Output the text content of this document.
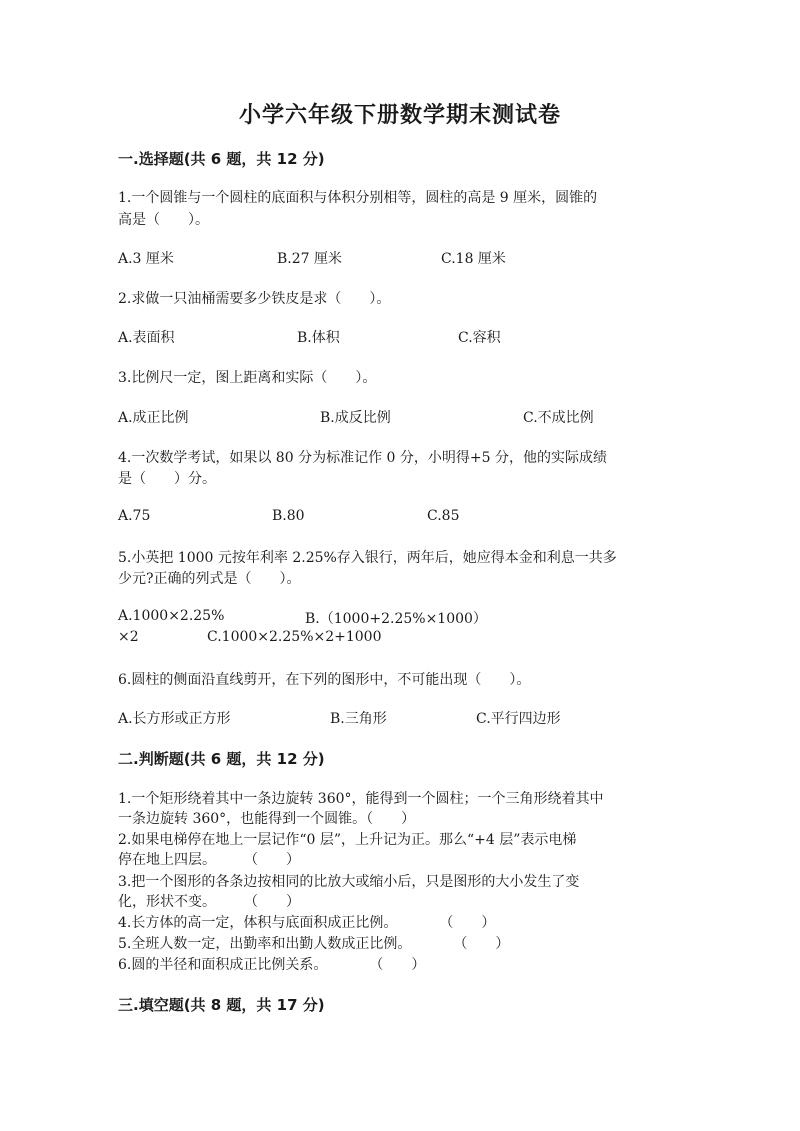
小学六年级下册数学期末测试卷
一.选择题(共 6 题，共 12 分)
1.一个圆锥与一个圆柱的底面积与体积分别相等，圆柱的高是 9 厘米，圆锥的
高是（　　）。
A.3 厘米	B.27 厘米	C.18 厘米
2.求做一只油桶需要多少铁皮是求（　　）。
A.表面积	B.体积	C.容积
3.比例尺一定，图上距离和实际（　　）。
A.成正比例	B.成反比例	C.不成比例
4.一次数学考试，如果以 80 分为标准记作 0 分，小明得+5 分，他的实际成绩
是（　　）分。
A.75	B.80	C.85
5.小英把 1000 元按年利率 2.25%存入银行，两年后，她应得本金和利息一共多
少元?正确的列式是（　　）。
A.1000×2.25%	B.（1000+2.25%×1000）
×2	C.1000×2.25%×2+1000
6.圆柱的侧面沿直线剪开，在下列的图形中，不可能出现（　　）。
A.长方形或正方形	B.三角形	C.平行四边形
二.判断题(共 6 题，共 12 分)
1.一个矩形绕着其中一条边旋转 360°，能得到一个圆柱；一个三角形绕着其中
一条边旋转 360°，也能得到一个圆锥。（　　）
2.如果电梯停在地上一层记作“0 层”，上升记为正。那么“+4 层”表示电梯
停在地上四层。　　　（　　）
3.把一个图形的各条边按相同的比放大或缩小后，只是图形的大小发生了变
化，形状不变。　　　（　　）
4.长方体的高一定，体积与底面积成正比例。　　　　（　　）
5.全班人数一定，出勤率和出勤人数成正比例。　　　　（　　）
6.圆的半径和面积成正比例关系。　　　　（　　）
三.填空题(共 8 题，共 17 分)
